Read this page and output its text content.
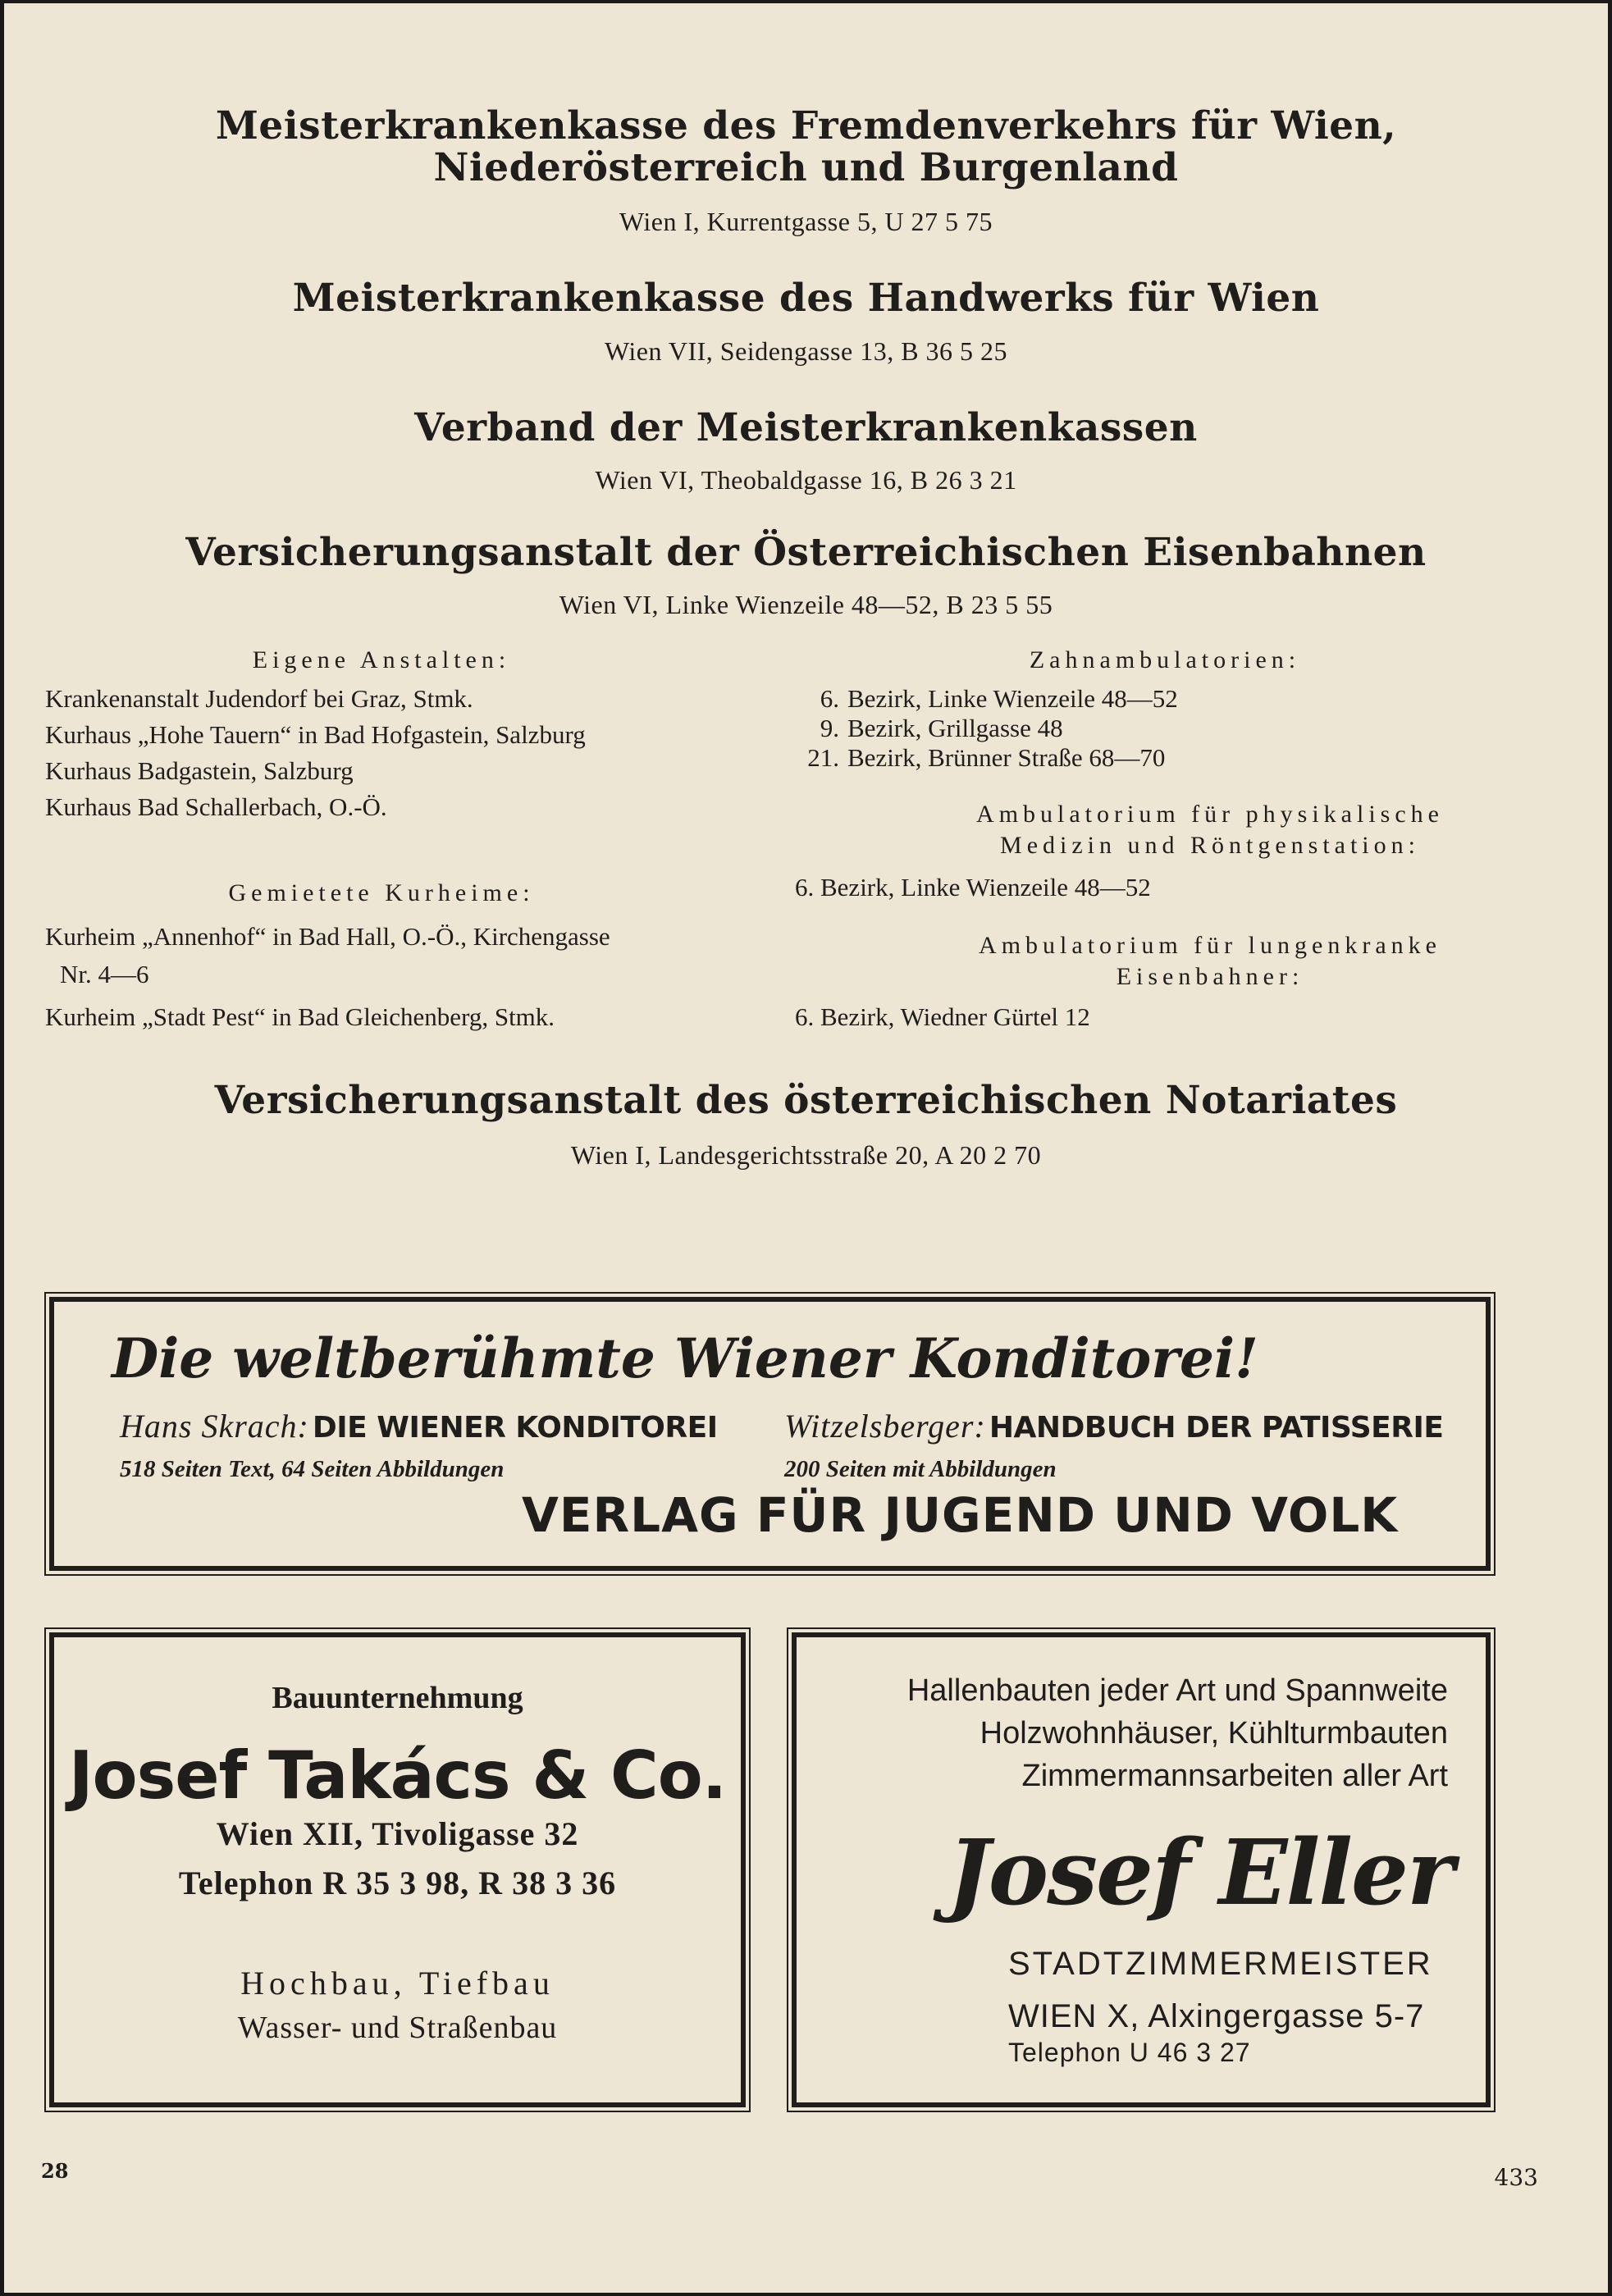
Meisterkrankenkasse des Fremdenverkehrs für Wien,
Niederösterreich und Burgenland
Wien I, Kurrentgasse 5, U 27 5 75
Meisterkrankenkasse des Handwerks für Wien
Wien VII, Seidengasse 13, B 36 5 25
Verband der Meisterkrankenkassen
Wien VI, Theobaldgasse 16, B 26 3 21
Versicherungsanstalt der Österreichischen Eisenbahnen
Wien VI, Linke Wienzeile 48—52, B 23 5 55
Eigene Anstalten:
Krankenanstalt Judendorf bei Graz, Stmk.
Kurhaus „Hohe Tauern“ in Bad Hofgastein, Salzburg
Kurhaus Badgastein, Salzburg
Kurhaus Bad Schallerbach, O.-Ö.
Gemietete Kurheime:
Kurheim „Annenhof“ in Bad Hall, O.-Ö., Kirchengasse
Nr. 4—6
Kurheim „Stadt Pest“ in Bad Gleichenberg, Stmk.
Zahnambulatorien:
6. Bezirk, Linke Wienzeile 48—52
9. Bezirk, Grillgasse 48
21. Bezirk, Brünner Straße 68—70
Ambulatorium für physikalische
Medizin und Röntgenstation:
6. Bezirk, Linke Wienzeile 48—52
Ambulatorium für lungenkranke
Eisenbahner:
6. Bezirk, Wiedner Gürtel 12
Versicherungsanstalt des österreichischen Notariates
Wien I, Landesgerichtsstraße 20, A 20 2 70
Die weltberühmte Wiener Konditorei!
Hans Skrach: DIE WIENER KONDITOREI
518 Seiten Text, 64 Seiten Abbildungen
Witzelsberger: HANDBUCH DER PATISSERIE
200 Seiten mit Abbildungen
VERLAG FÜR JUGEND UND VOLK
Bauunternehmung
Josef Takács & Co.
Wien XII, Tivoligasse 32
Telephon R 35 3 98, R 38 3 36
Hochbau, Tiefbau
Wasser- und Straßenbau
Hallenbauten jeder Art und Spannweite
Holzwohnhäuser, Kühlturmbauten
Zimmermannsarbeiten aller Art
Josef Eller
STADTZIMMERMEISTER
WIEN X, Alxingergasse 5-7
Telephon U 46 3 27
28	433
